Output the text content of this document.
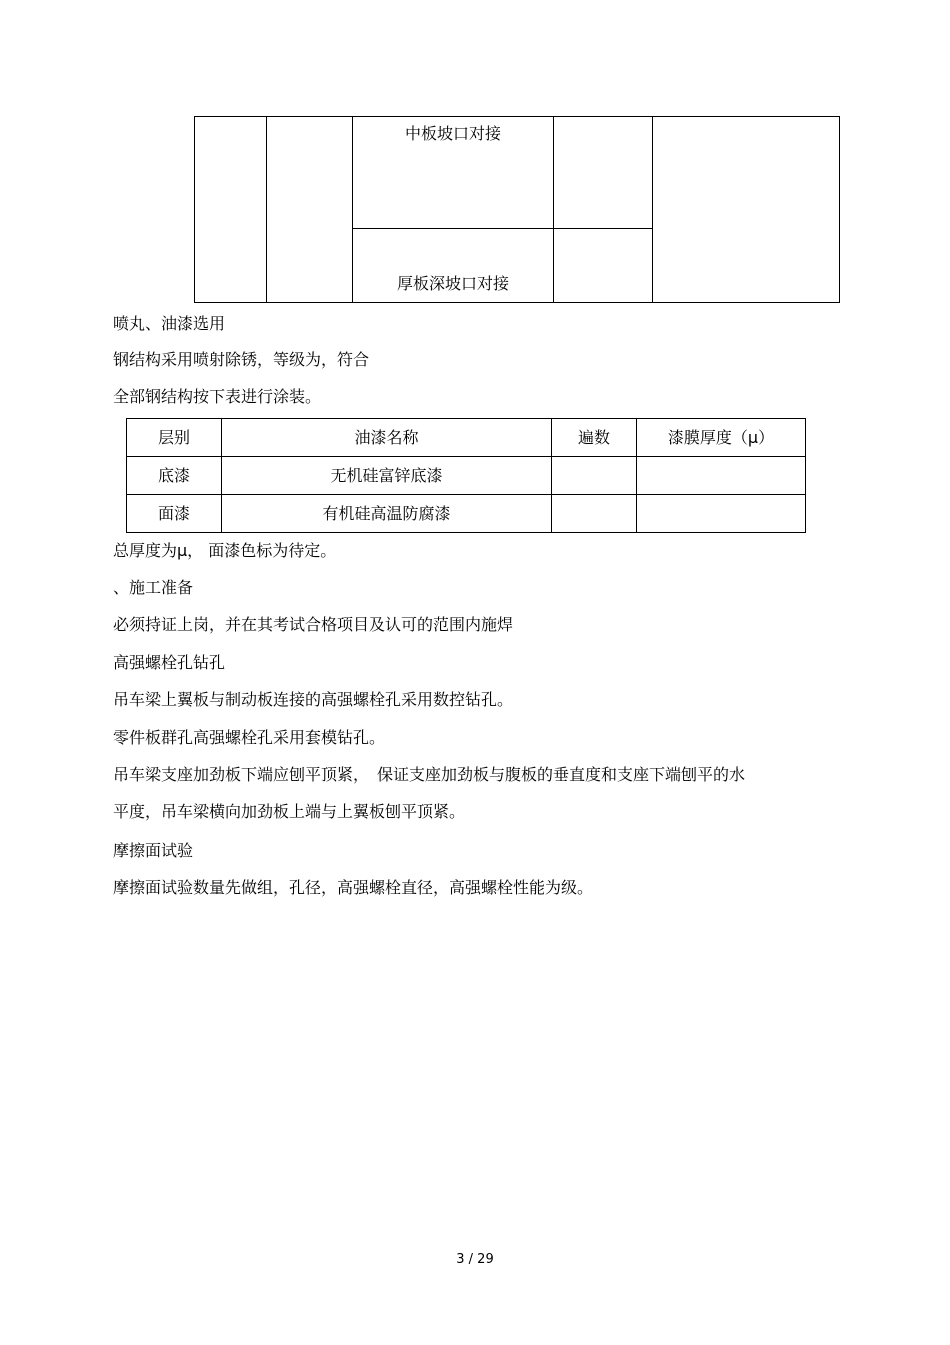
中板坡口对接
厚板深坡口对接
喷丸、油漆选用
钢结构采用喷射除锈，等级为，符合
全部钢结构按下表进行涂装。
层别	油漆名称	遍数	漆膜厚度（μ）
底漆	无机硅富锌底漆		
面漆	有机硅高温防腐漆		
总厚度为μ， 面漆色标为待定。
、施工准备
必须持证上岗，并在其考试合格项目及认可的范围内施焊
高强螺栓孔钻孔
吊车梁上翼板与制动板连接的高强螺栓孔采用数控钻孔。
零件板群孔高强螺栓孔采用套模钻孔。
吊车梁支座加劲板下端应刨平顶紧，　保证支座加劲板与腹板的垂直度和支座下端刨平的水
平度，吊车梁横向加劲板上端与上翼板刨平顶紧。
摩擦面试验
摩擦面试验数量先做组，孔径，高强螺栓直径，高强螺栓性能为级。
3 / 29
